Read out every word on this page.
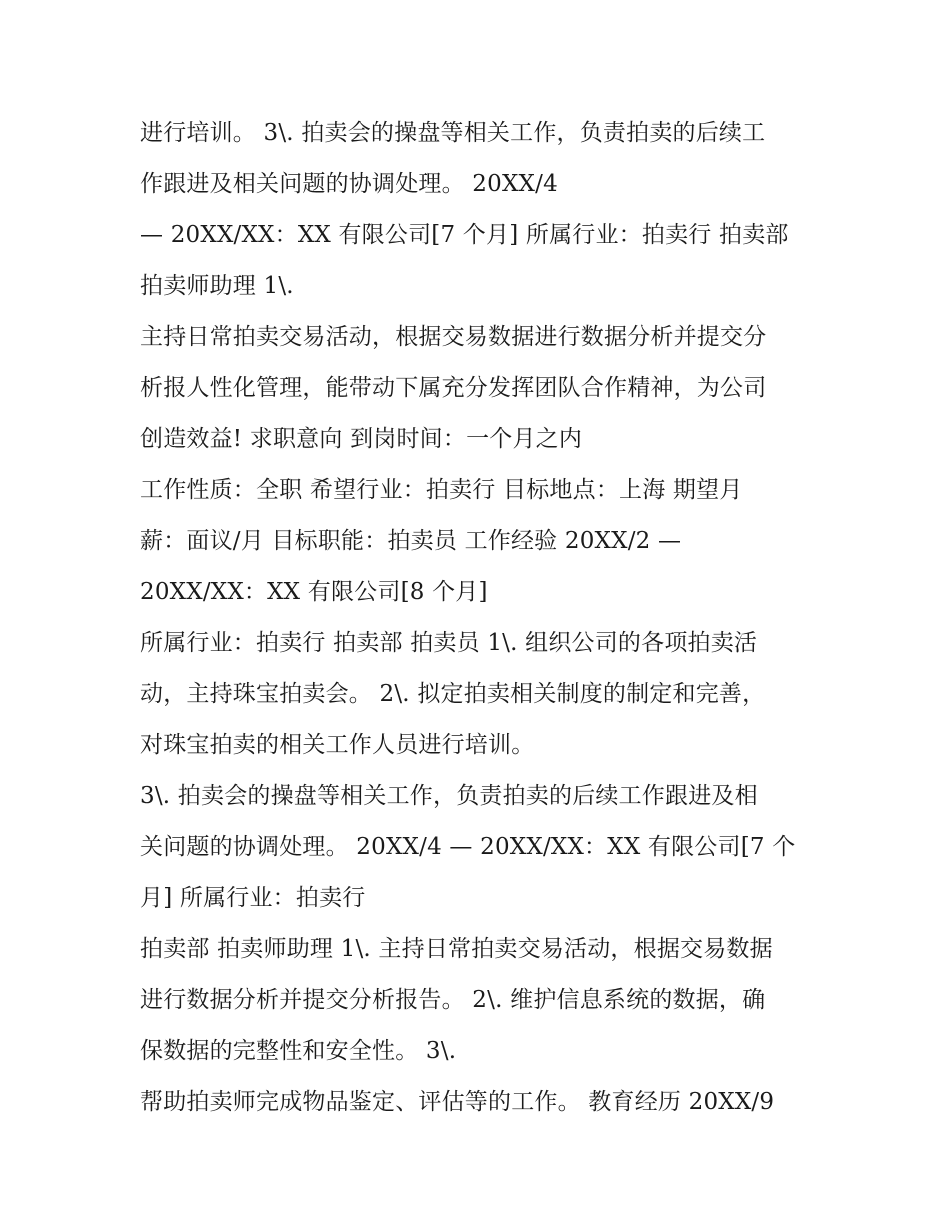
进行培训。 3\. 拍卖会的操盘等相关工作，负责拍卖的后续工
作跟进及相关问题的协调处理。 20XX/4
— 20XX/XX：XX 有限公司[7 个月] 所属行业：拍卖行 拍卖部
拍卖师助理 1\.
主持日常拍卖交易活动，根据交易数据进行数据分析并提交分
析报人性化管理，能带动下属充分发挥团队合作精神，为公司
创造效益! 求职意向 到岗时间：一个月之内
工作性质：全职 希望行业：拍卖行 目标地点：上海 期望月
薪：面议/月 目标职能：拍卖员 工作经验 20XX/2 —
20XX/XX：XX 有限公司[8 个月]
所属行业：拍卖行 拍卖部 拍卖员 1\. 组织公司的各项拍卖活
动，主持珠宝拍卖会。 2\. 拟定拍卖相关制度的制定和完善，
对珠宝拍卖的相关工作人员进行培训。
3\. 拍卖会的操盘等相关工作，负责拍卖的后续工作跟进及相
关问题的协调处理。 20XX/4 — 20XX/XX：XX 有限公司[7 个
月] 所属行业：拍卖行
拍卖部 拍卖师助理 1\. 主持日常拍卖交易活动，根据交易数据
进行数据分析并提交分析报告。 2\. 维护信息系统的数据，确
保数据的完整性和安全性。 3\.
帮助拍卖师完成物品鉴定、评估等的工作。 教育经历 20XX/9
